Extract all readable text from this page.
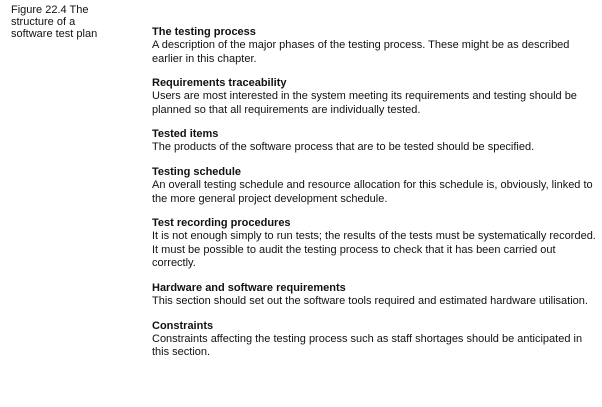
Figure 22.4 The
structure of a
software test plan	The testing process
A description of the major phases of the testing process. These might be as described earlier in this chapter.
Requirements traceability
Users are most interested in the system meeting its requirements and testing should be planned so that all requirements are individually tested.
Tested items
The products of the software process that are to be tested should be specified.
Testing schedule
An overall testing schedule and resource allocation for this schedule is, obviously, linked to the more general project development schedule.
Test recording procedures
It is not enough simply to run tests; the results of the tests must be systematically recorded. It must be possible to audit the testing process to check that it has been carried out correctly.
Hardware and software requirements
This section should set out the software tools required and estimated hardware utilisation.
Constraints
Constraints affecting the testing process such as staff shortages should be anticipated in this section.
